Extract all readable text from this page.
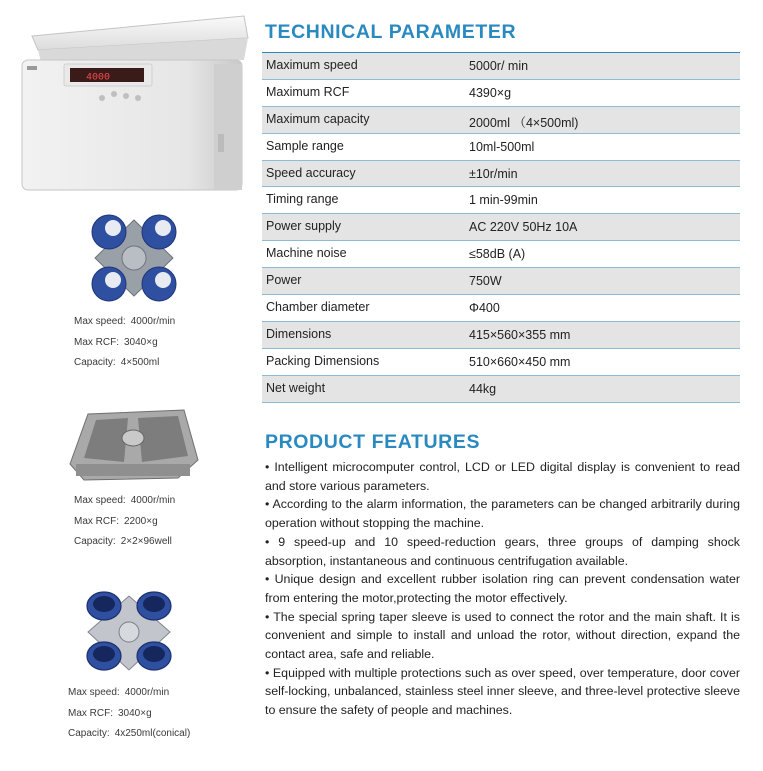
4000
Max speed: 4000r/min
Max RCF: 3040×g
Capacity: 4×500ml
Max speed: 4000r/min
Max RCF: 2200×g
Capacity: 2×2×96well
Max speed: 4000r/min
Max RCF: 3040×g
Capacity: 4x250ml(conical)
TECHNICAL PARAMETER
Maximum speed	5000r/ min
Maximum RCF	4390×g
Maximum capacity	2000ml （4×500ml)
Sample range	10ml-500ml
Speed accuracy	±10r/min
Timing range	1 min-99min
Power supply	AC 220V 50Hz 10A
Machine noise	≤58dB (A)
Power	750W
Chamber diameter	Φ400
Dimensions	415×560×355 mm
Packing Dimensions	510×660×450 mm
Net weight	44kg
PRODUCT FEATURES

• Intelligent microcomputer control, LCD or LED digital display is convenient to read and store various parameters.

• According to the alarm information, the parameters can be changed arbitrarily during operation without stopping the machine.

• 9 speed-up and 10 speed-reduction gears, three groups of damping shock absorption, instantaneous and continuous centrifugation available.

• Unique design and excellent rubber isolation ring can prevent condensation water from entering the motor,protecting the motor effectively.

• The special spring taper sleeve is used to connect the rotor and the main shaft. It is convenient and simple to install and unload the rotor, without direction, expand the contact area, safe and reliable.

• Equipped with multiple protections such as over speed, over temperature, door cover self-locking, unbalanced, stainless steel inner sleeve, and three-level protective sleeve to ensure the safety of people and machines.
